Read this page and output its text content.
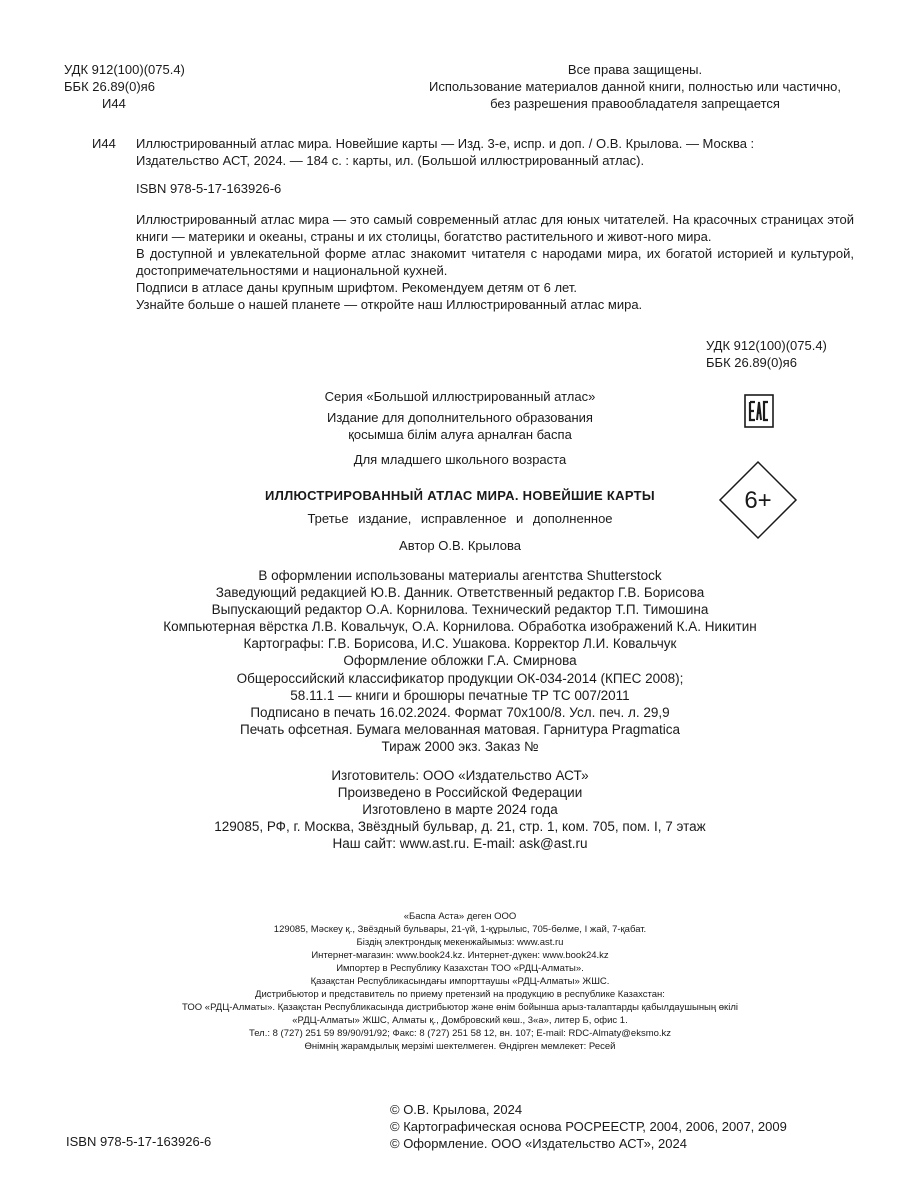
УДК 912(100)(075.4)
ББК 26.89(0)я6
И44
Все права защищены.
Использование материалов данной книги, полностью или частично,
без разрешения правообладателя запрещается
И44 Иллюстрированный атлас мира. Новейшие карты — Изд. 3-е, испр. и доп. / О.В. Крылова. — Москва : Издательство АСТ, 2024. — 184 с. : карты, ил. (Большой иллюстрированный атлас).
ISBN 978-5-17-163926-6

Иллюстрированный атлас мира — это самый современный атлас для юных читателей. На красочных страницах этой книги — материки и океаны, страны и их столицы, богатство растительного и живот-ного мира.

В доступной и увлекательной форме атлас знакомит читателя с народами мира, их богатой историей и культурой, достопримечательностями и национальной кухней.

Подписи в атласе даны крупным шрифтом. Рекомендуем детям от 6 лет.

Узнайте больше о нашей планете — откройте наш Иллюстрированный атлас мира.

УДК 912(100)(075.4)
ББК 26.89(0)я6
Серия «Большой иллюстрированный атлас»
Издание для дополнительного образования
қосымша білім алуға арналған баспа
Для младшего школьного возраста
ИЛЛЮСТРИРОВАННЫЙ АТЛАС МИРА. НОВЕЙШИЕ КАРТЫ
Третье издание, исправленное и дополненное
Автор О.В. Крылова
6+
В оформлении использованы материалы агентства Shutterstock
Заведующий редакцией Ю.В. Данник. Ответственный редактор Г.В. Борисова
Выпускающий редактор О.А. Корнилова. Технический редактор Т.П. Тимошина
Компьютерная вёрстка Л.В. Ковальчук, О.А. Корнилова. Обработка изображений К.А. Никитин
Картографы: Г.В. Борисова, И.С. Ушакова. Корректор Л.И. Ковальчук
Оформление обложки Г.А. Смирнова
Общероссийский классификатор продукции ОК-034-2014 (КПЕС 2008);
58.11.1 — книги и брошюры печатные ТР ТС 007/2011
Подписано в печать 16.02.2024. Формат 70x100/8. Усл. печ. л. 29,9
Печать офсетная. Бумага мелованная матовая. Гарнитура Pragmatica
Тираж 2000 экз. Заказ №
Изготовитель: ООО «Издательство АСТ»
Произведено в Российской Федерации
Изготовлено в марте 2024 года
129085, РФ, г. Москва, Звёздный бульвар, д. 21, стр. 1, ком. 705, пом. I, 7 этаж
Наш сайт: www.ast.ru. E-mail: ask@ast.ru
«Баспа Аста» деген ООО
129085, Мәскеу қ., Звёздный бульвары, 21-үй, 1-құрылыс, 705-бөлме, I жай, 7-қабат.
Біздің электрондық мекенжайымыз: www.ast.ru
Интернет-магазин: www.book24.kz. Интернет-дүкен: www.book24.kz
Импортер в Республику Казахстан ТОО «РДЦ-Алматы».
Қазақстан Республикасындағы импорттаушы «РДЦ-Алматы» ЖШС.
Дистрибьютор и представитель по приему претензий на продукцию в республике Казахстан:
ТОО «РДЦ-Алматы». Қазақстан Республикасында дистрибьютор және өнім бойынша арыз-талаптарды қабылдаушының өкілі
«РДЦ-Алматы» ЖШС, Алматы қ., Домбровский көш., 3«а», литер Б, офис 1.
Тел.: 8 (727) 251 59 89/90/91/92; Факс: 8 (727) 251 58 12, вн. 107; E-mail: RDC-Almaty@eksmo.kz
Өнімнің жарамдылық мерзімі шектелмеген. Өндірген мемлекет: Ресей
ISBN 978-5-17-163926-6
© О.В. Крылова, 2024
© Картографическая основа РОСРЕЕСТР, 2004, 2006, 2007, 2009
© Оформление. ООО «Издательство АСТ», 2024
